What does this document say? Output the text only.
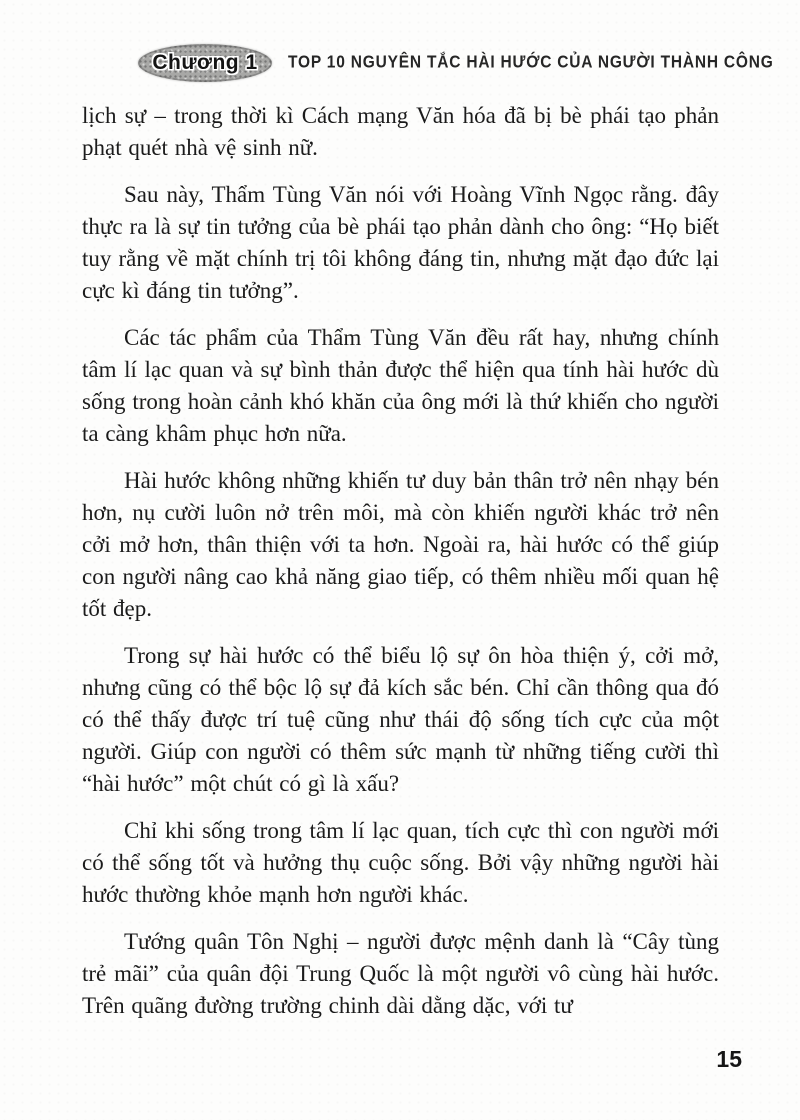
Chương 1 TOP 10 NGUYÊN TẮC HÀI HƯỚC CỦA NGƯỜI THÀNH CÔNG

lịch sự – trong thời kì Cách mạng Văn hóa đã bị bè phái tạo phản phạt quét nhà vệ sinh nữ.

Sau này, Thẩm Tùng Văn nói với Hoàng Vĩnh Ngọc rằng. đây thực ra là sự tin tưởng của bè phái tạo phản dành cho ông: “Họ biết tuy rằng về mặt chính trị tôi không đáng tin, nhưng mặt đạo đức lại cực kì đáng tin tưởng”.

Các tác phẩm của Thẩm Tùng Văn đều rất hay, nhưng chính tâm lí lạc quan và sự bình thản được thể hiện qua tính hài hước dù sống trong hoàn cảnh khó khăn của ông mới là thứ khiến cho người ta càng khâm phục hơn nữa.

Hài hước không những khiến tư duy bản thân trở nên nhạy bén hơn, nụ cười luôn nở trên môi, mà còn khiến người khác trở nên cởi mở hơn, thân thiện với ta hơn. Ngoài ra, hài hước có thể giúp con người nâng cao khả năng giao tiếp, có thêm nhiều mối quan hệ tốt đẹp.

Trong sự hài hước có thể biểu lộ sự ôn hòa thiện ý, cởi mở, nhưng cũng có thể bộc lộ sự đả kích sắc bén. Chỉ cần thông qua đó có thể thấy được trí tuệ cũng như thái độ sống tích cực của một người. Giúp con người có thêm sức mạnh từ những tiếng cười thì “hài hước” một chút có gì là xấu?

Chỉ khi sống trong tâm lí lạc quan, tích cực thì con người mới có thể sống tốt và hưởng thụ cuộc sống. Bởi vậy những người hài hước thường khỏe mạnh hơn người khác.

Tướng quân Tôn Nghị – người được mệnh danh là “Cây tùng trẻ mãi” của quân đội Trung Quốc là một người vô cùng hài hước. Trên quãng đường trường chinh dài dằng dặc, với tư

15
